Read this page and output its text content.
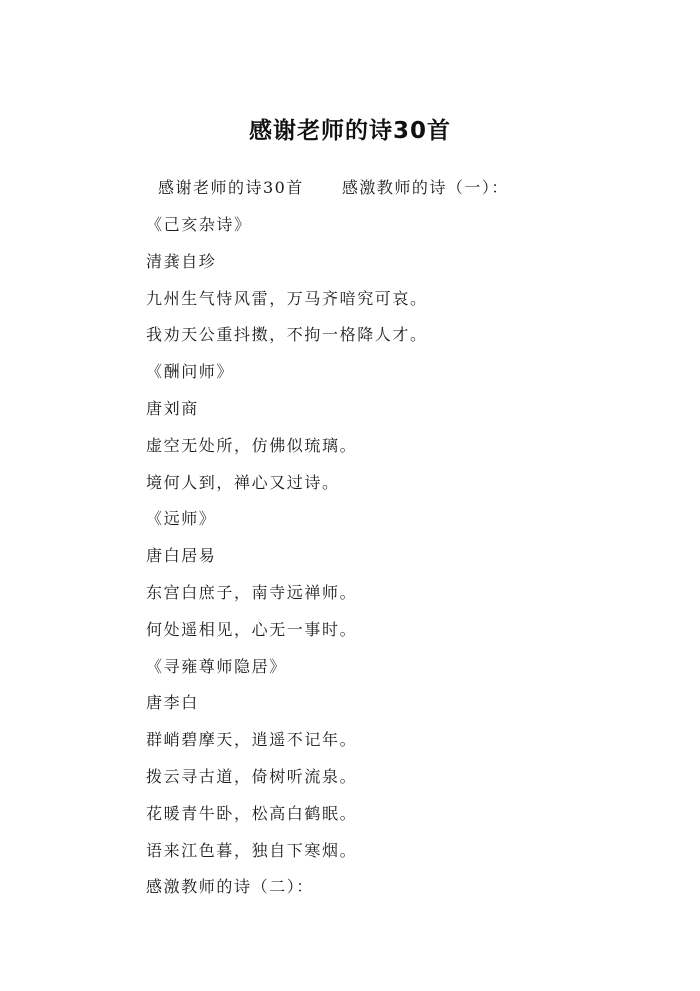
感谢老师的诗30首
感谢老师的诗30首 感激教师的诗（一）：
《己亥杂诗》
清龚自珍
九州生气恃风雷，万马齐喑究可哀。
我劝天公重抖擞，不拘一格降人才。
《酬问师》
唐刘商
虚空无处所，仿佛似琉璃。
境何人到，禅心又过诗。
《远师》
唐白居易
东宫白庶子，南寺远禅师。
何处遥相见，心无一事时。
《寻雍尊师隐居》
唐李白
群峭碧摩天，逍遥不记年。
拨云寻古道，倚树听流泉。
花暖青牛卧，松高白鹤眠。
语来江色暮，独自下寒烟。
感激教师的诗（二）：
